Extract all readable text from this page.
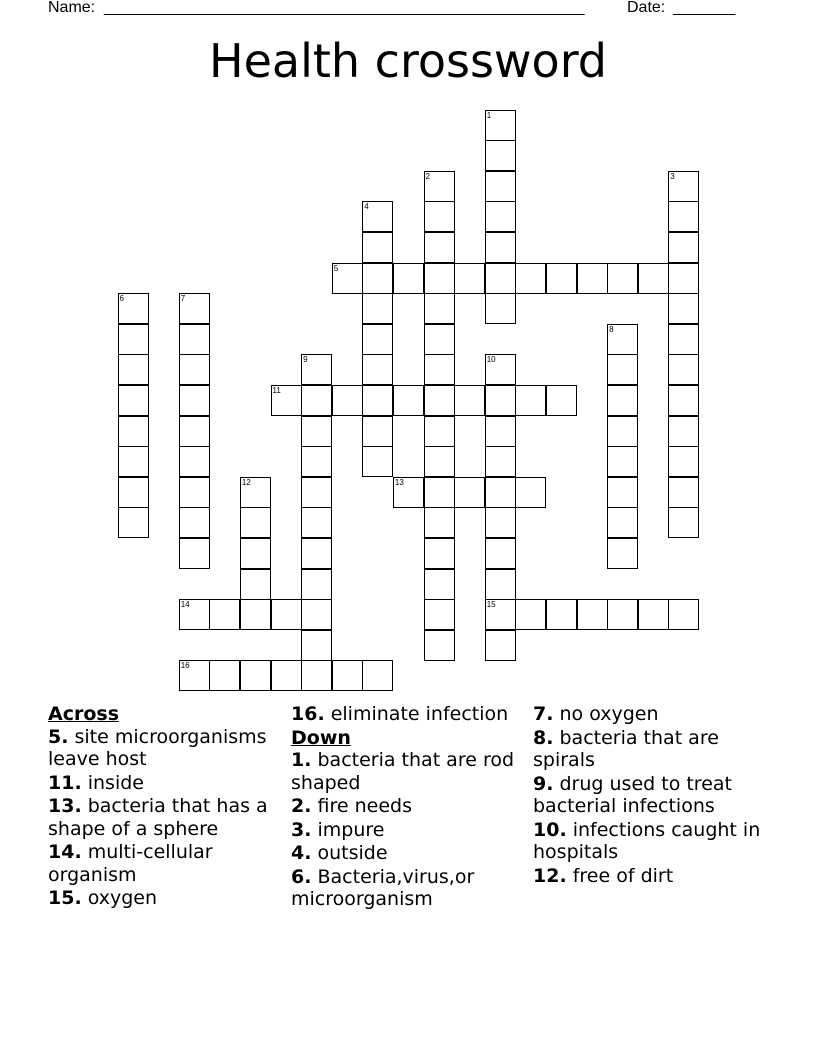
Name: ______________________________________________________	Date: _______
Health crossword
1
2	3
4
5
6	7
8
9	10
15
11
12	13
14
16
Across
5. site microorganisms leave host
11. inside
13. bacteria that has a shape of a sphere
14. multi-cellular organism
15. oxygen
16. eliminate infection
Down
1. bacteria that are rod shaped
2. fire needs
3. impure
4. outside
6. Bacteria,virus,or microorganism
7. no oxygen
8. bacteria that are spirals
9. drug used to treat bacterial infections
10. infections caught in hospitals
12. free of dirt
